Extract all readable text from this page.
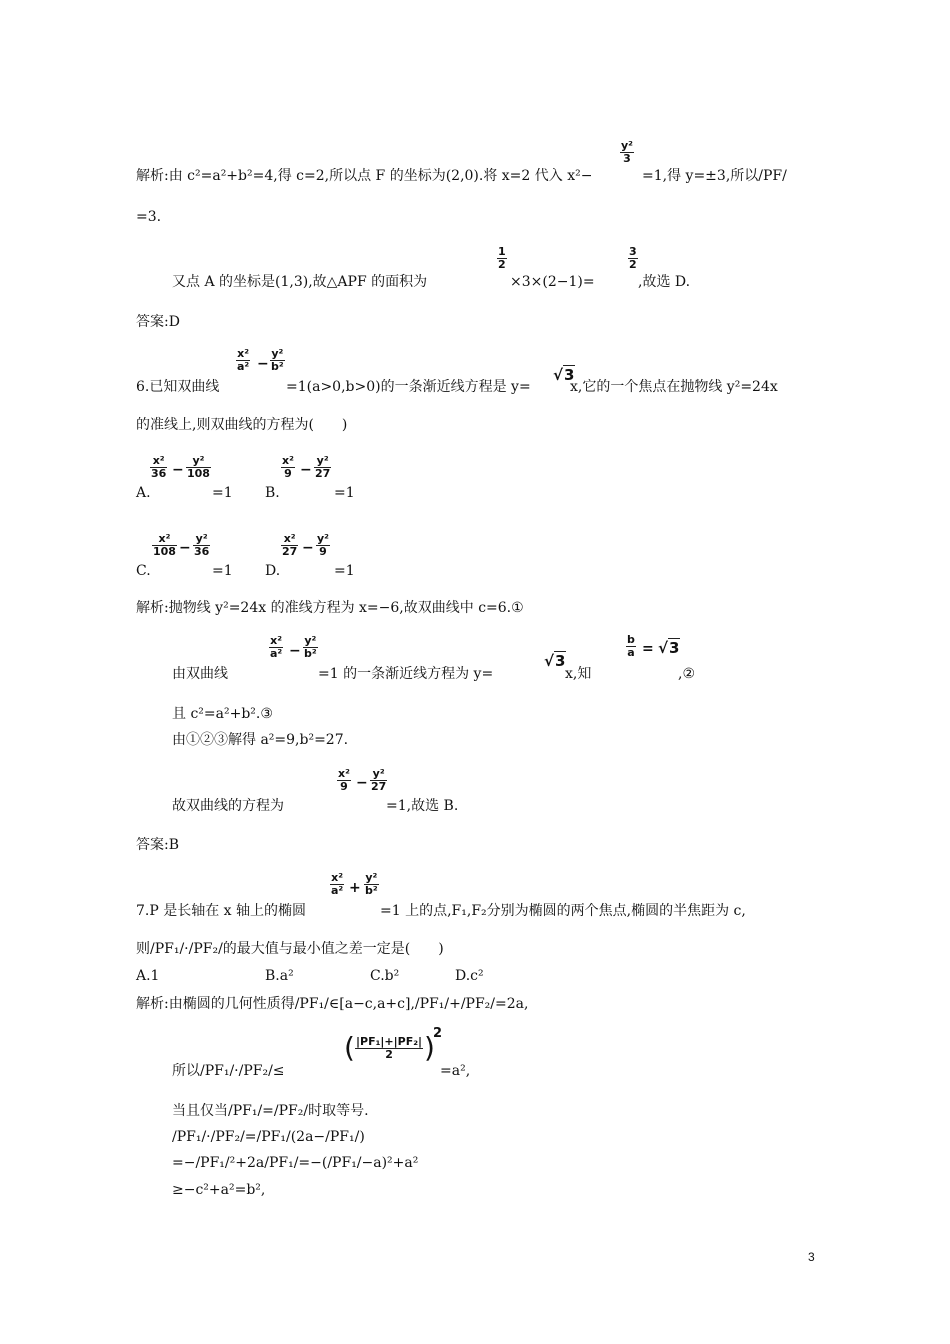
$\frac{\text{y²}}{3}$
解析:由 c²=a²+b²=4,得 c=2,所以点 F 的坐标为(2,0).将 x=2 代入 x²−	=1,得 y=±3,所以/PF/
=3.
又点 A 的坐标是(1,3),故△APF 的面积为
$\frac{1}{2}$
×3×(2−1)=
$\frac{3}{2}$
,故选 D.
答案:D
6.已知双曲线
$\frac{\text{x²}}{\text{a²}} - \frac{\text{y²}}{\text{b²}}$
=1(a>0,b>0)的一条渐近线方程是 y=
√3
x,它的一个焦点在抛物线 y²=24x
的准线上,则双曲线的方程为(　　)
A.
$\frac{\text{x²}}{36} - \frac{\text{y²}}{108}$
=1 B.
$\frac{\text{x²}}{9} - \frac{\text{y²}}{27}$
=1
C.
$\frac{\text{x²}}{108} - \frac{\text{y²}}{36}$
=1 D.
$\frac{\text{x²}}{27} - \frac{\text{y²}}{9}$
=1
解析:抛物线 y²=24x 的准线方程为 x=−6,故双曲线中 c=6.①
由双曲线
$\frac{\text{x²}}{\text{a²}} - \frac{\text{y²}}{\text{b²}}$
=1 的一条渐近线方程为 y=
√3
x,知
$\frac{b}{a} = √3$
,②
且 c²=a²+b².③
由①②③解得 a²=9,b²=27.
故双曲线的方程为
$\frac{\text{x²}}{9} - \frac{\text{y²}}{27}$
=1,故选 B.
答案:B
7.P 是长轴在 x 轴上的椭圆
$\frac{\text{x²}}{\text{a²}} + \frac{\text{y²}}{\text{b²}}$
=1 上的点,F₁,F₂分别为椭圆的两个焦点,椭圆的半焦距为 c,
则/PF₁/·/PF₂/的最大值与最小值之差一定是(　　)
A.1	B.a²	C.b²	D.c²
解析:由椭圆的几何性质得/PF₁/∈[a−c,a+c],/PF₁/+/PF₂/=2a,
所以/PF₁/·/PF₂/≤
( $\frac{\text{|PF₁|+|PF₂|}}{2}$ )
2
=a²,
当且仅当/PF₁/=/PF₂/时取等号.
/PF₁/·/PF₂/=/PF₁/(2a−/PF₁/)
=−/PF₁/²+2a/PF₁/=−(/PF₁/−a)²+a²
≥−c²+a²=b²,
3
